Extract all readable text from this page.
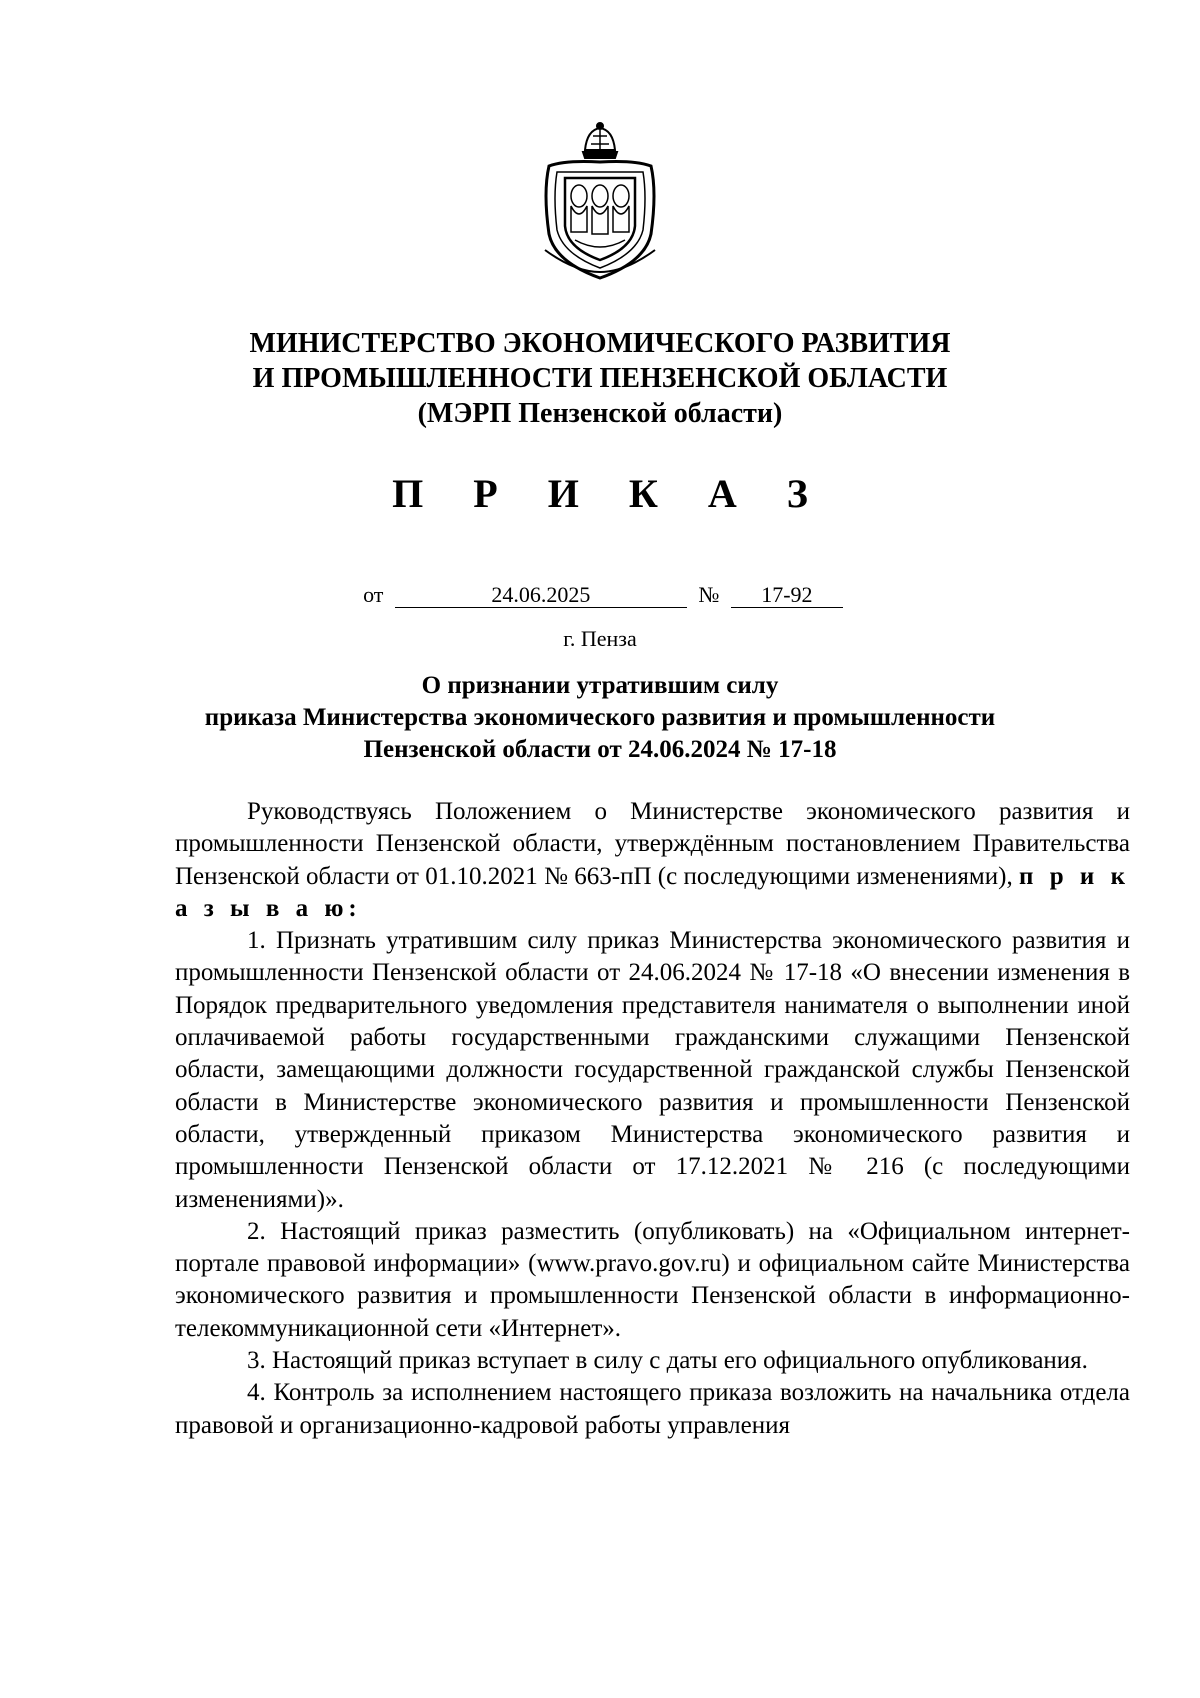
МИНИСТЕРСТВО ЭКОНОМИЧЕСКОГО РАЗВИТИЯ
И ПРОМЫШЛЕННОСТИ ПЕНЗЕНСКОЙ ОБЛАСТИ
(МЭРП Пензенской области)
П Р И К А З
от	24.06.2025	№ 17-92
г. Пенза
О признании утратившим силу
приказа Министерства экономического развития и промышленности
Пензенской области от 24.06.2024 № 17-18

Руководствуясь Положением о Министерстве экономического развития и промышленности Пензенской области, утверждённым постановлением Правительства Пензенской области от 01.10.2021 № 663-пП (с последующими изменениями), п р и к а з ы в а ю:

1. Признать утратившим силу приказ Министерства экономического развития и промышленности Пензенской области от 24.06.2024 № 17-18 «О внесении изменения в Порядок предварительного уведомления представителя нанимателя о выполнении иной оплачиваемой работы государственными гражданскими служащими Пензенской области, замещающими должности государственной гражданской службы Пензенской области в Министерстве экономического развития и промышленности Пензенской области, утвержденный приказом Министерства экономического развития и промышленности Пензенской области от 17.12.2021 № 216 (с последующими изменениями)».

2. Настоящий приказ разместить (опубликовать) на «Официальном интернет-портале правовой информации» (www.pravo.gov.ru) и официальном сайте Министерства экономического развития и промышленности Пензенской области в информационно-телекоммуникационной сети «Интернет».

3. Настоящий приказ вступает в силу с даты его официального опубликования.

4. Контроль за исполнением настоящего приказа возложить на начальника отдела правовой и организационно-кадровой работы управления
